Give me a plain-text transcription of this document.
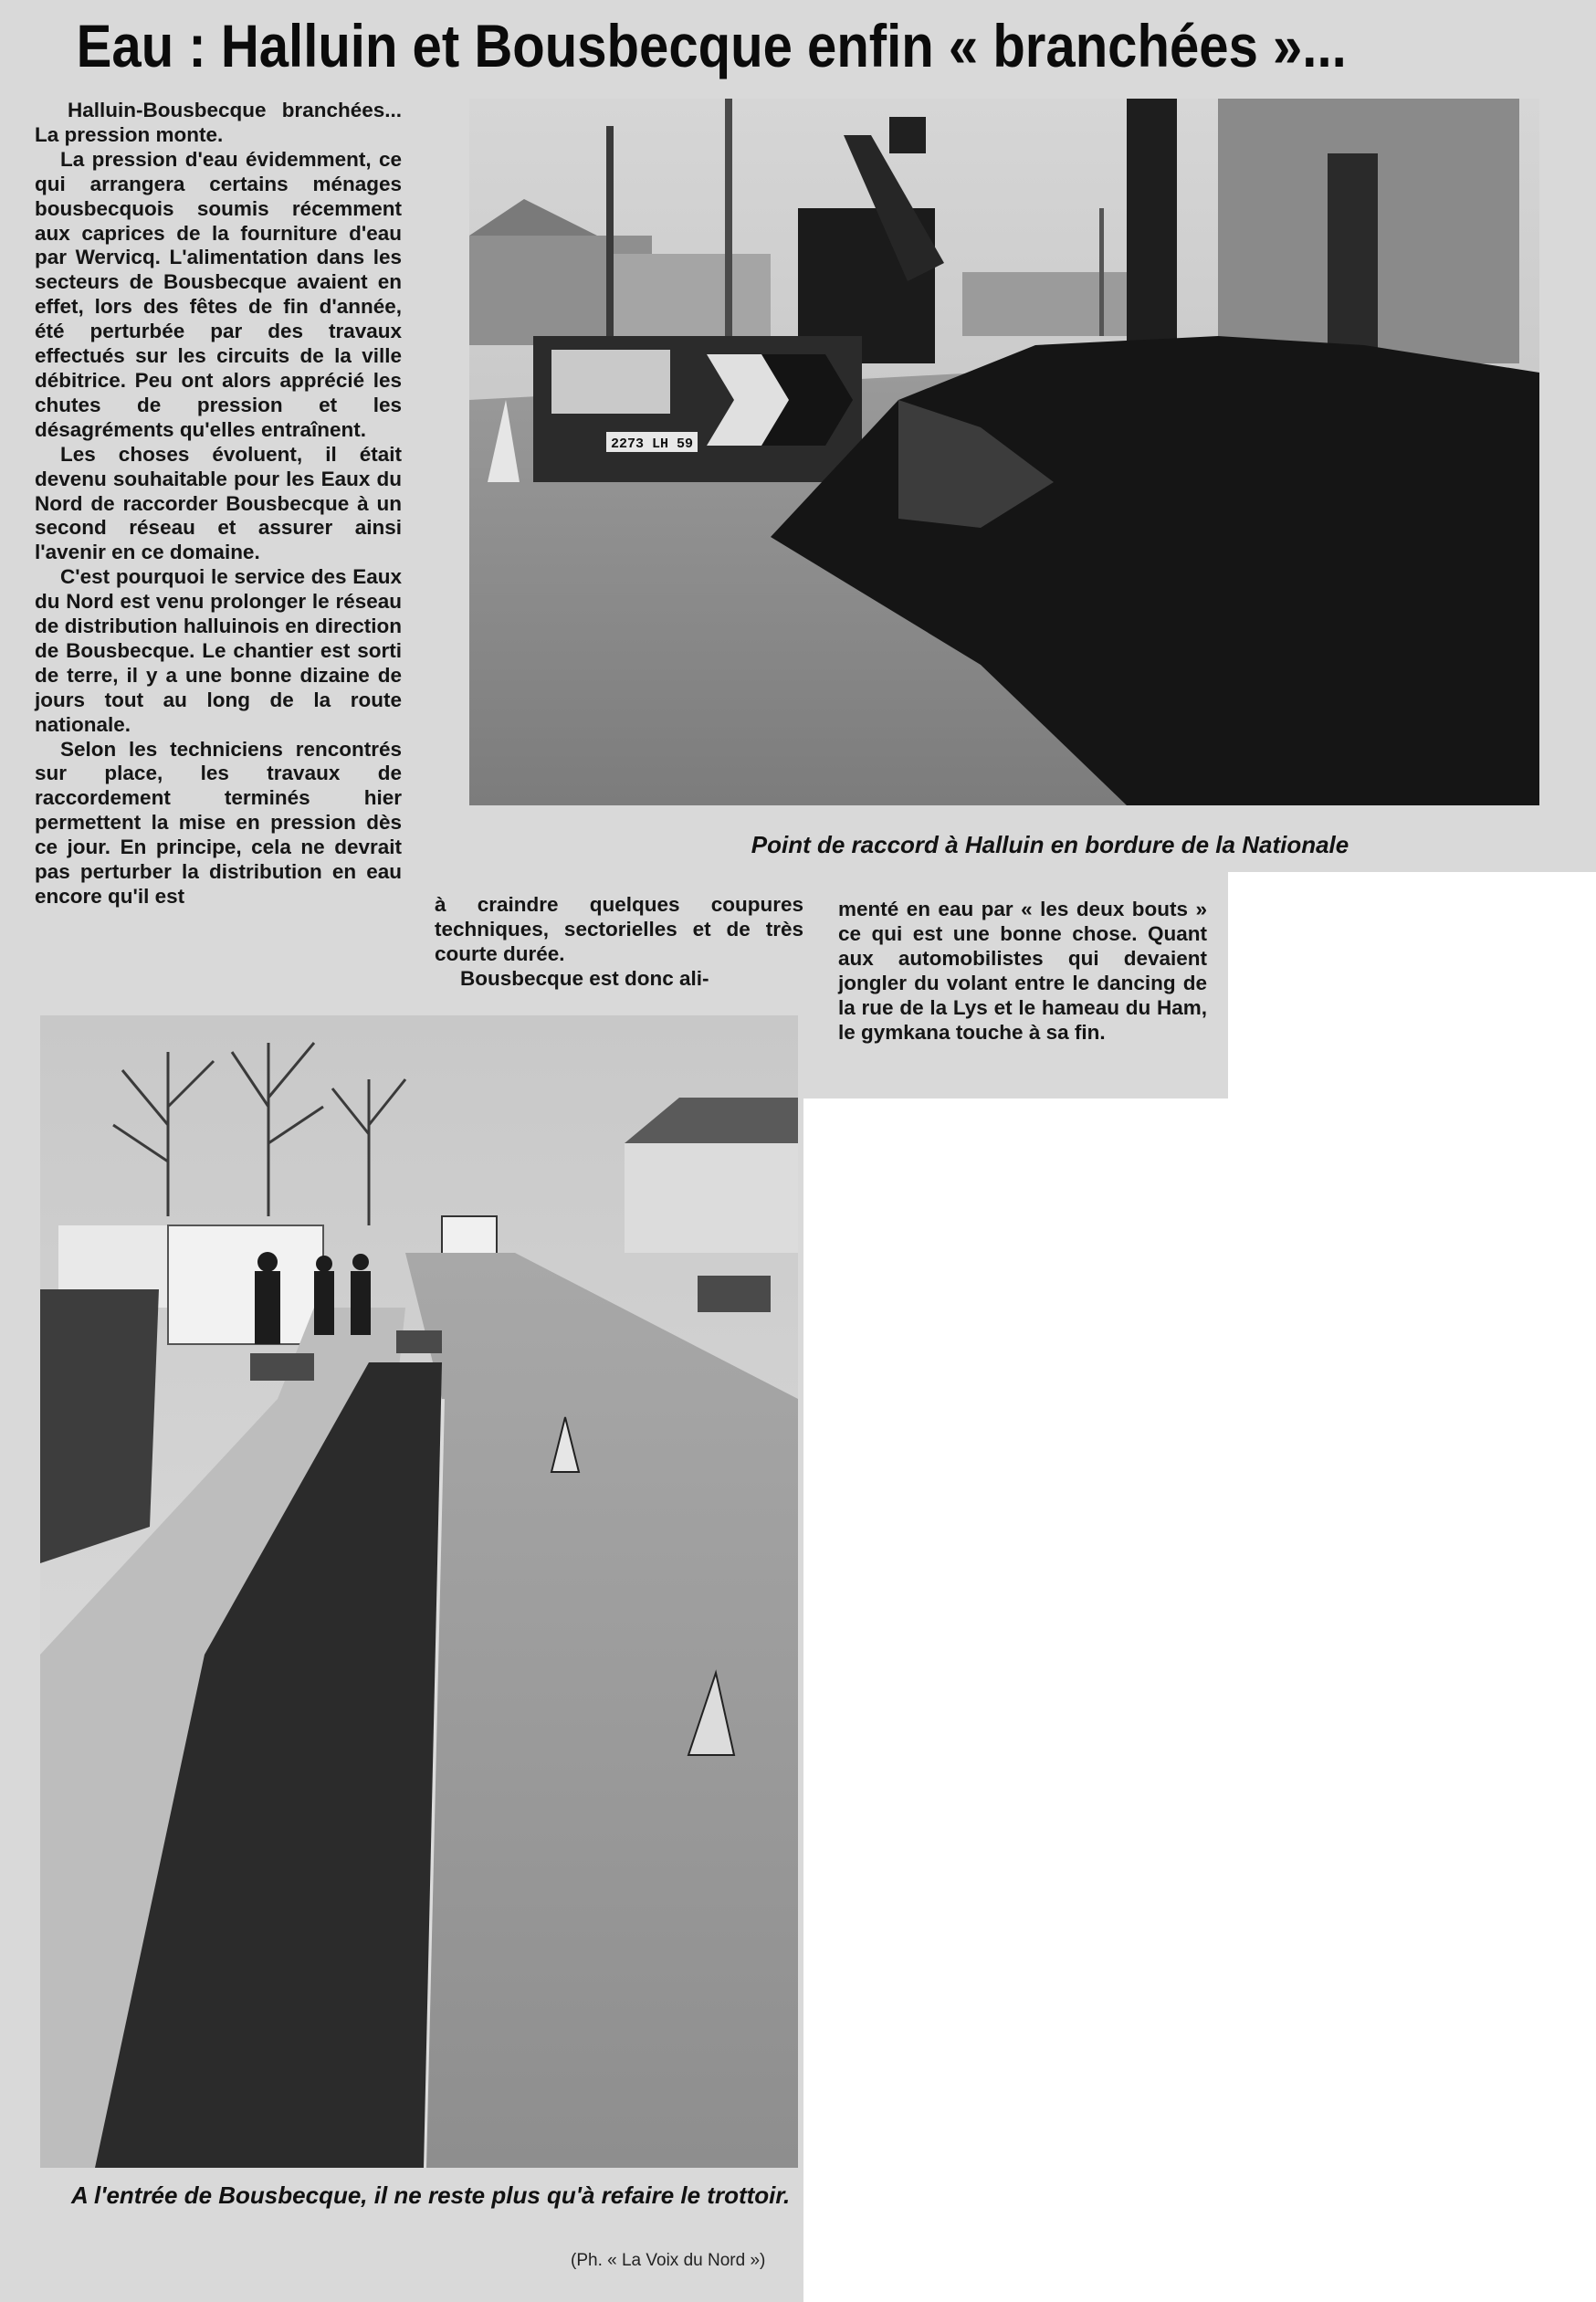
Eau : Halluin et Bousbecque enfin « branchées »...

Halluin-Bousbecque branchées... La pression monte.

La pression d'eau évidemment, ce qui arrangera certains ménages bousbecquois soumis récemment aux caprices de la fourniture d'eau par Wervicq. L'alimentation dans les secteurs de Bousbecque avaient en effet, lors des fêtes de fin d'année, été perturbée par des travaux effectués sur les circuits de la ville débitrice. Peu ont alors apprécié les chutes de pression et les désagréments qu'elles entraînent.

Les choses évoluent, il était devenu souhaitable pour les Eaux du Nord de raccorder Bousbecque à un second réseau et assurer ainsi l'avenir en ce domaine.

C'est pourquoi le service des Eaux du Nord est venu prolonger le réseau de distribution halluinois en direction de Bousbecque. Le chantier est sorti de terre, il y a une bonne dizaine de jours tout au long de la route nationale.

Selon les techniciens rencontrés sur place, les travaux de raccordement terminés hier permettent la mise en pression dès ce jour. En principe, cela ne devrait pas perturber la distribution en eau encore qu'il est	à craindre quelques coupures techniques, sectorielles et de très courte durée.

Bousbecque est donc ali-

menté en eau par « les deux bouts » ce qui est une bonne chose. Quant aux automobilistes qui devaient jongler du volant entre le dancing de la rue de la Lys et le hameau du Ham, le gymkana touche à sa fin.

2273 LH 59
Point de raccord à Halluin en bordure de la Nationale
A l'entrée de Bousbecque, il ne reste plus qu'à refaire le trottoir.
(Ph. « La Voix du Nord »)
